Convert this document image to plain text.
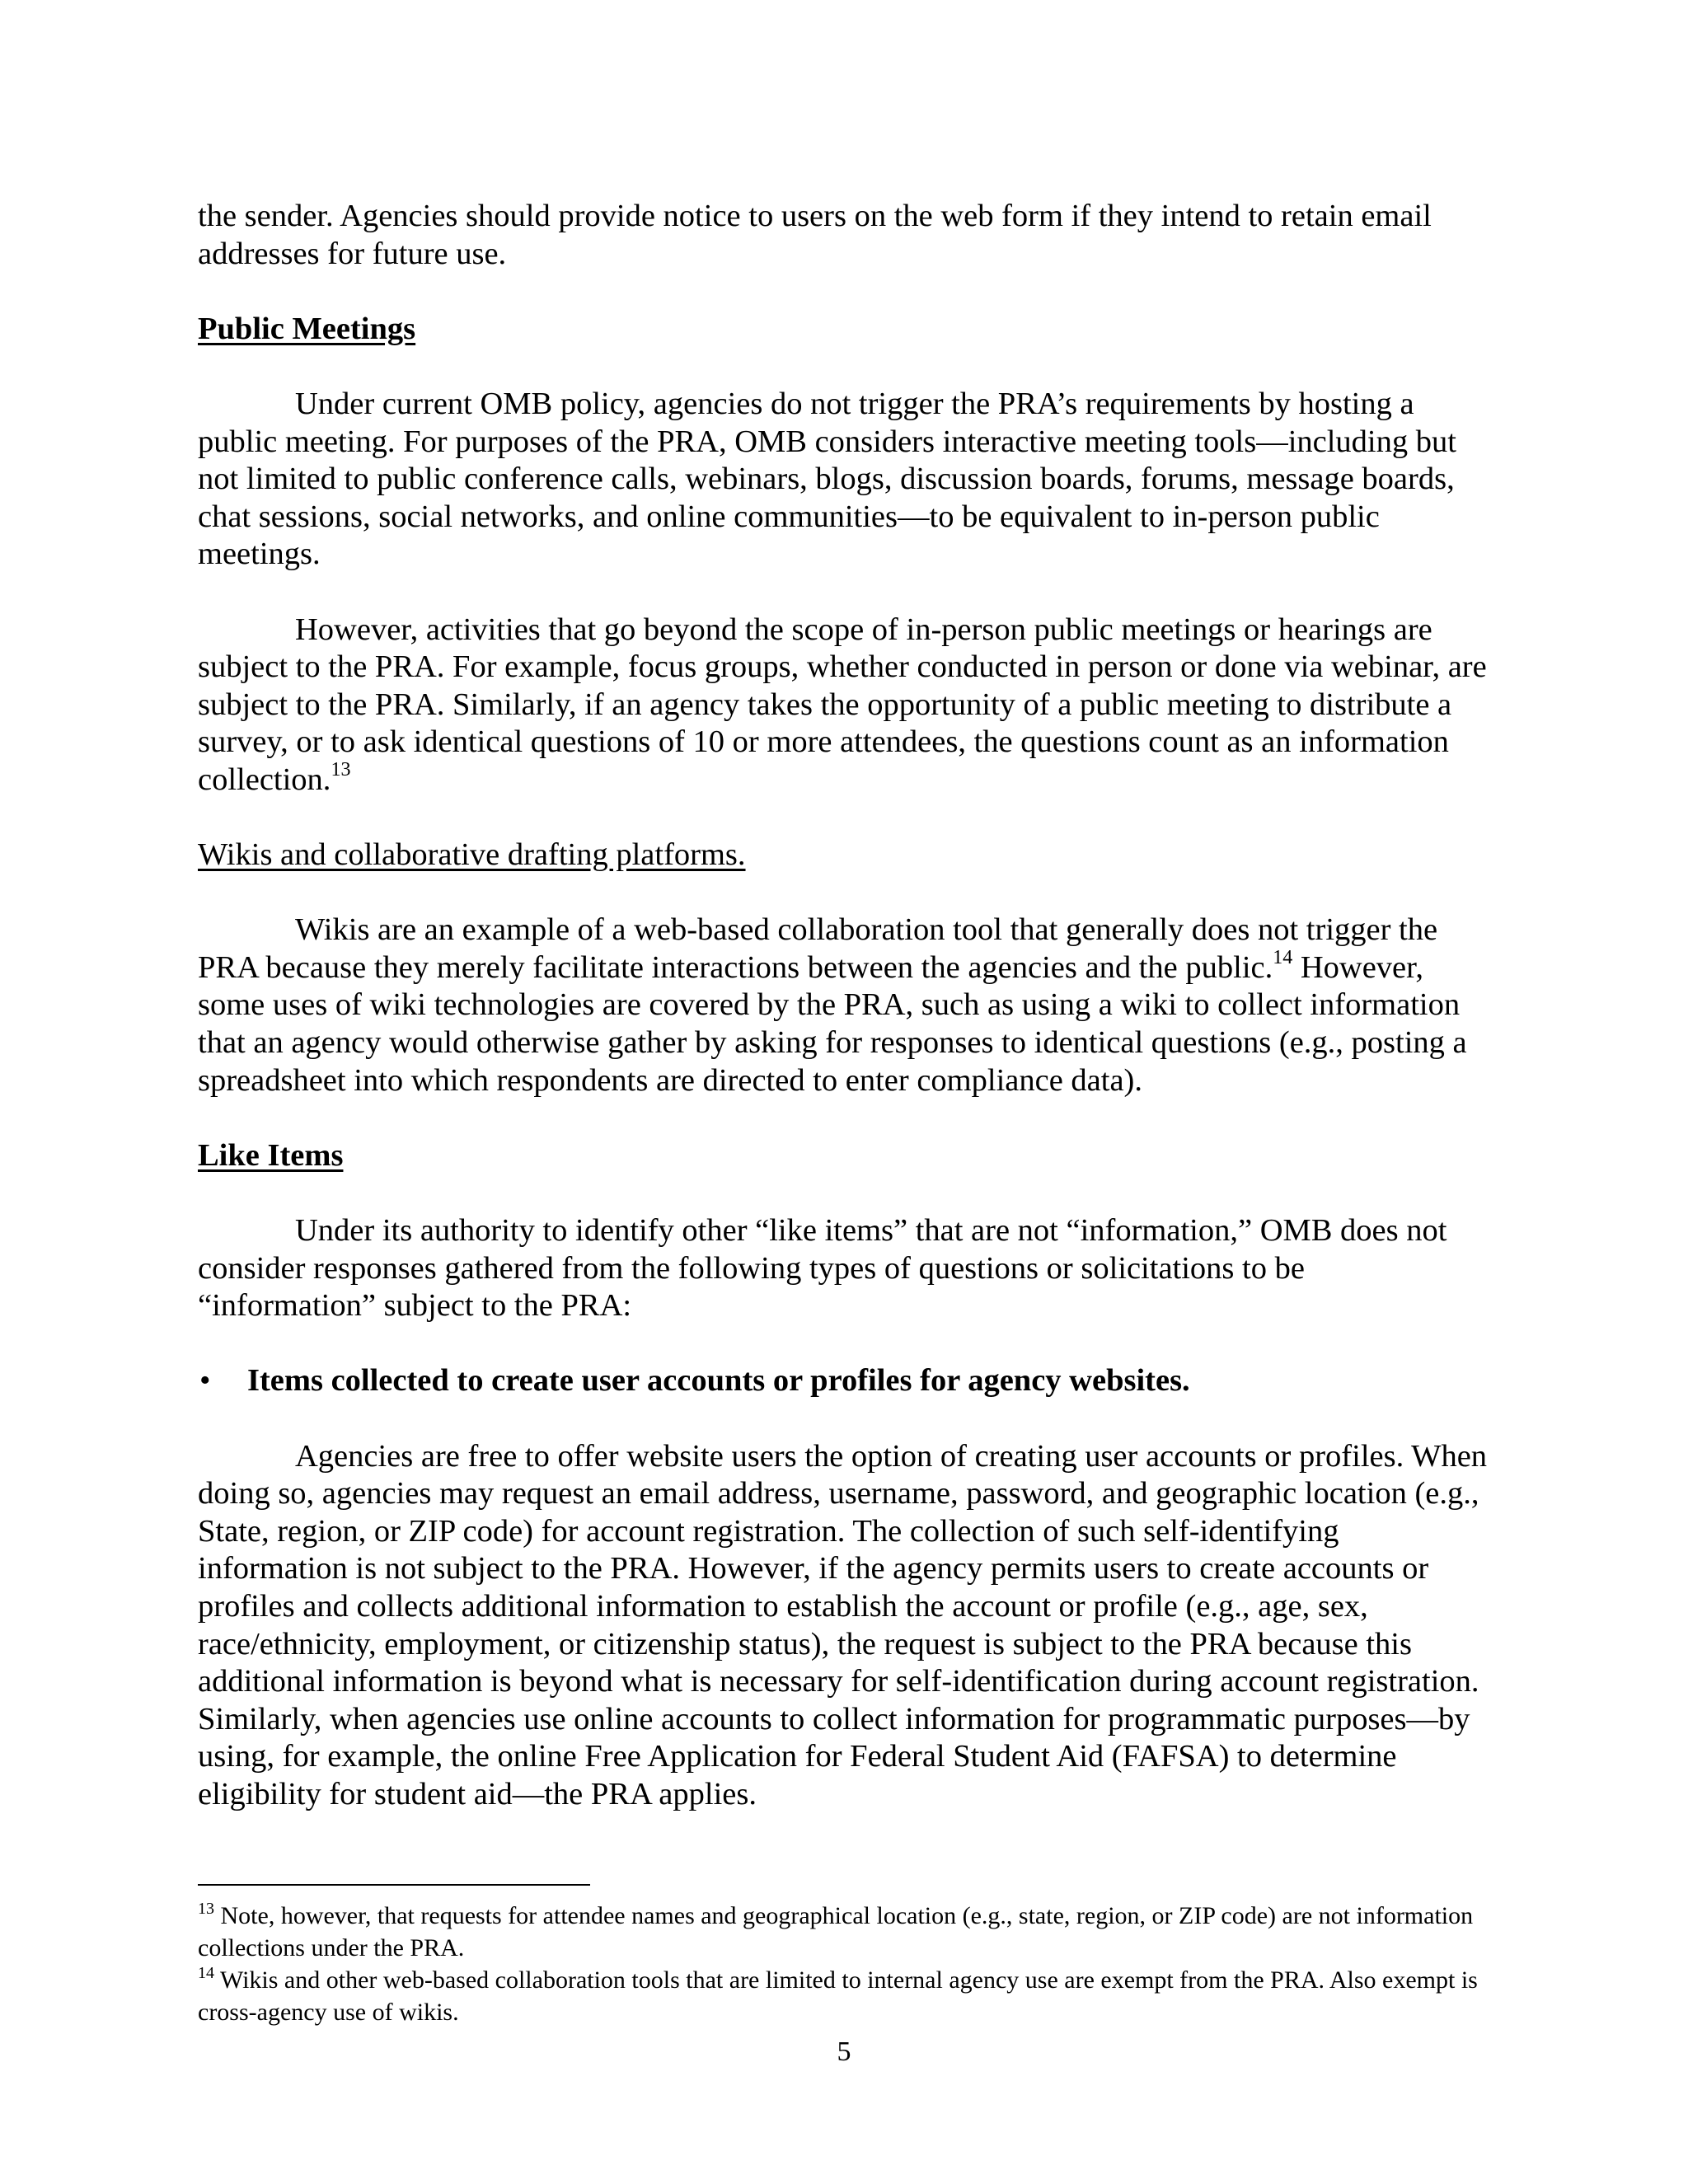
the sender. Agencies should provide notice to users on the web form if they intend to retain email addresses for future use.

Public Meetings

Under current OMB policy, agencies do not trigger the PRA’s requirements by hosting a public meeting. For purposes of the PRA, OMB considers interactive meeting tools—including but not limited to public conference calls, webinars, blogs, discussion boards, forums, message boards, chat sessions, social networks, and online communities—to be equivalent to in-person public meetings.

However, activities that go beyond the scope of in-person public meetings or hearings are subject to the PRA. For example, focus groups, whether conducted in person or done via webinar, are subject to the PRA. Similarly, if an agency takes the opportunity of a public meeting to distribute a survey, or to ask identical questions of 10 or more attendees, the questions count as an information collection.$^{13}$

Wikis and collaborative drafting platforms.

Wikis are an example of a web-based collaboration tool that generally does not trigger the PRA because they merely facilitate interactions between the agencies and the public.$^{14}$ However, some uses of wiki technologies are covered by the PRA, such as using a wiki to collect information that an agency would otherwise gather by asking for responses to identical questions (e.g., posting a spreadsheet into which respondents are directed to enter compliance data).

Like Items

Under its authority to identify other “like items” that are not “information,” OMB does not consider responses gathered from the following types of questions or solicitations to be “information” subject to the PRA:

• Items collected to create user accounts or profiles for agency websites.

Agencies are free to offer website users the option of creating user accounts or profiles. When doing so, agencies may request an email address, username, password, and geographic location (e.g., State, region, or ZIP code) for account registration. The collection of such self-identifying information is not subject to the PRA. However, if the agency permits users to create accounts or profiles and collects additional information to establish the account or profile (e.g., age, sex, race/ethnicity, employment, or citizenship status), the request is subject to the PRA because this additional information is beyond what is necessary for self-identification during account registration. Similarly, when agencies use online accounts to collect information for programmatic purposes—by using, for example, the online Free Application for Federal Student Aid (FAFSA) to determine eligibility for student aid—the PRA applies.

$^{13}$ Note, however, that requests for attendee names and geographical location (e.g., state, region, or ZIP code) are not information collections under the PRA.

$^{14}$ Wikis and other web-based collaboration tools that are limited to internal agency use are exempt from the PRA. Also exempt is cross-agency use of wikis.

5
